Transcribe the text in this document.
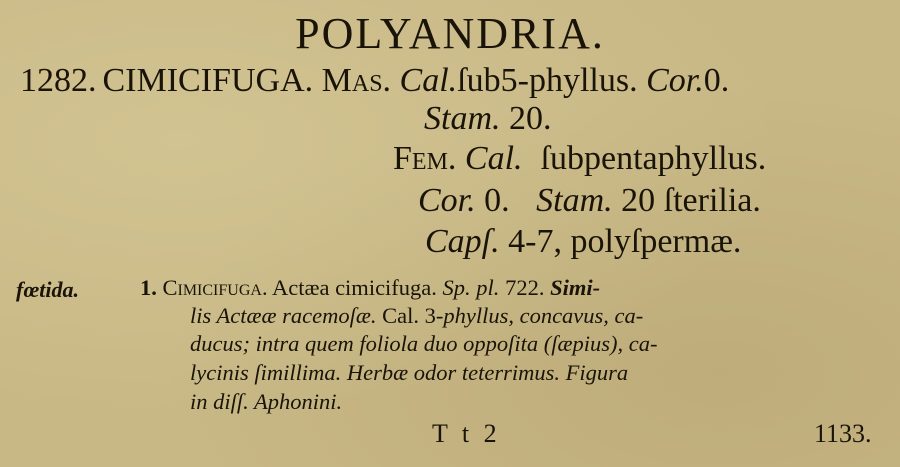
POLYANDRIA.
1282. CIMICIFUGA. Mas. Cal.ſub5-phyllus. Cor.0.
Stam. 20.
Fem. Cal. ſubpentaphyllus.
Cor. 0. Stam. 20 ſterilia.
Capſ. 4-7, polyſpermæ.
fœtida.	1. Cimicifuga. Actæa cimicifuga. Sp. pl. 722. Simi-
lis Actææ racemoſæ. Cal. 3-phyllus, concavus, ca-
ducus; intra quem foliola duo oppoſita (ſæpius), ca-
lycinis ſimillima. Herbæ odor teterrimus. Figura
in diſſ. Aphonini.
T t 2	1133.
